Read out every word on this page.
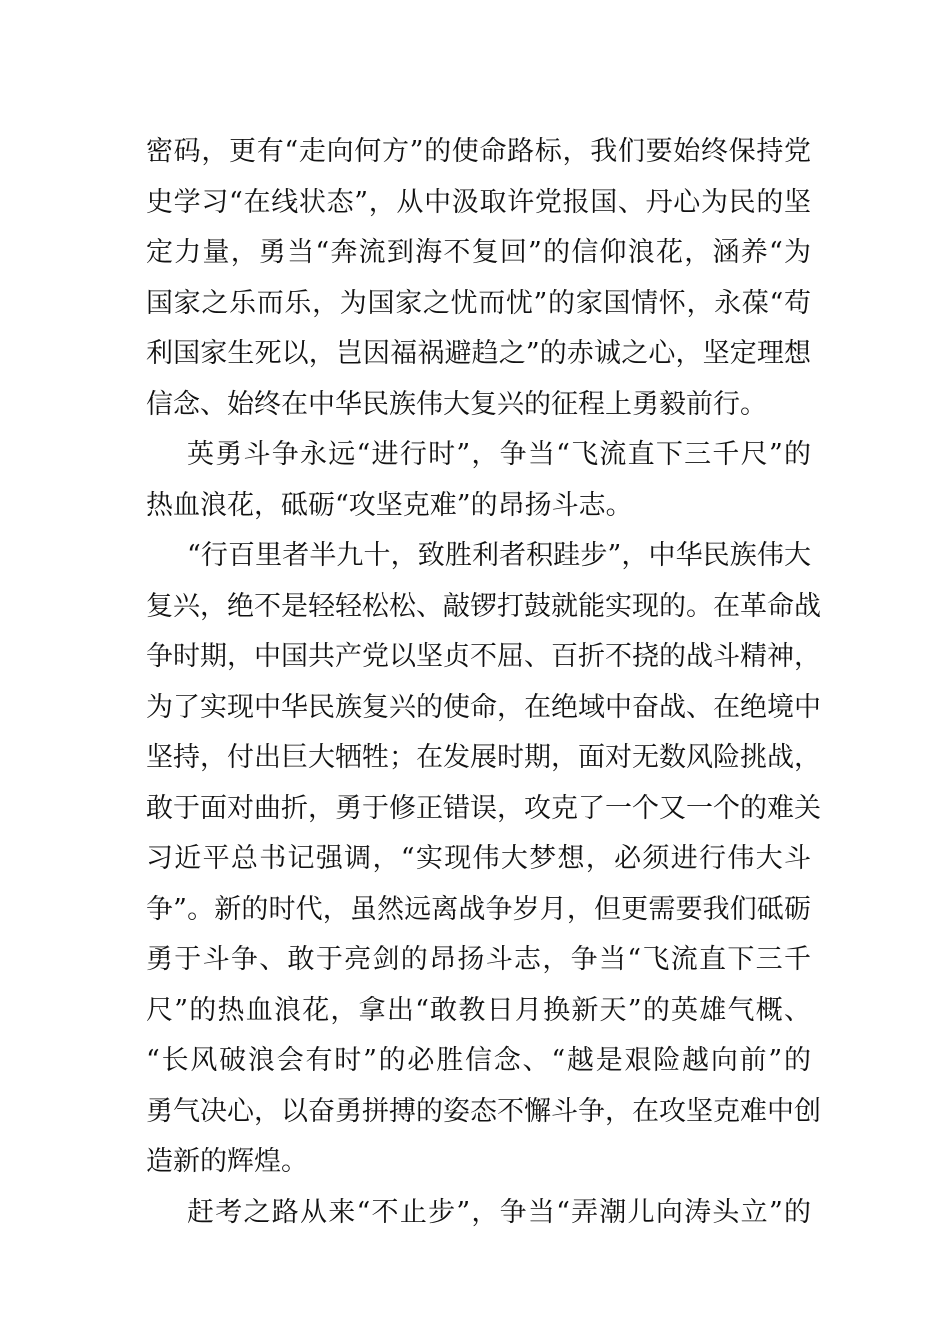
密码，更有“走向何方”的使命路标，我们要始终保持党
史学习“在线状态”，从中汲取许党报国、丹心为民的坚
定力量，勇当“奔流到海不复回”的信仰浪花，涵养“为
国家之乐而乐，为国家之忧而忧”的家国情怀，永葆“苟
利国家生死以，岂因福祸避趋之”的赤诚之心，坚定理想
信念、始终在中华民族伟大复兴的征程上勇毅前行。
英勇斗争永远“进行时”，争当“飞流直下三千尺”的
热血浪花，砥砺“攻坚克难”的昂扬斗志。
“行百里者半九十，致胜利者积跬步”，中华民族伟大
复兴，绝不是轻轻松松、敲锣打鼓就能实现的。在革命战
争时期，中国共产党以坚贞不屈、百折不挠的战斗精神，
为了实现中华民族复兴的使命，在绝域中奋战、在绝境中
坚持，付出巨大牺牲；在发展时期，面对无数风险挑战，
敢于面对曲折，勇于修正错误，攻克了一个又一个的难关
习近平总书记强调，“实现伟大梦想，必须进行伟大斗
争”。新的时代，虽然远离战争岁月，但更需要我们砥砺
勇于斗争、敢于亮剑的昂扬斗志，争当“飞流直下三千
尺”的热血浪花，拿出“敢教日月换新天”的英雄气概、
“长风破浪会有时”的必胜信念、“越是艰险越向前”的
勇气决心，以奋勇拼搏的姿态不懈斗争，在攻坚克难中创
造新的辉煌。
赶考之路从来“不止步”，争当“弄潮儿向涛头立”的
